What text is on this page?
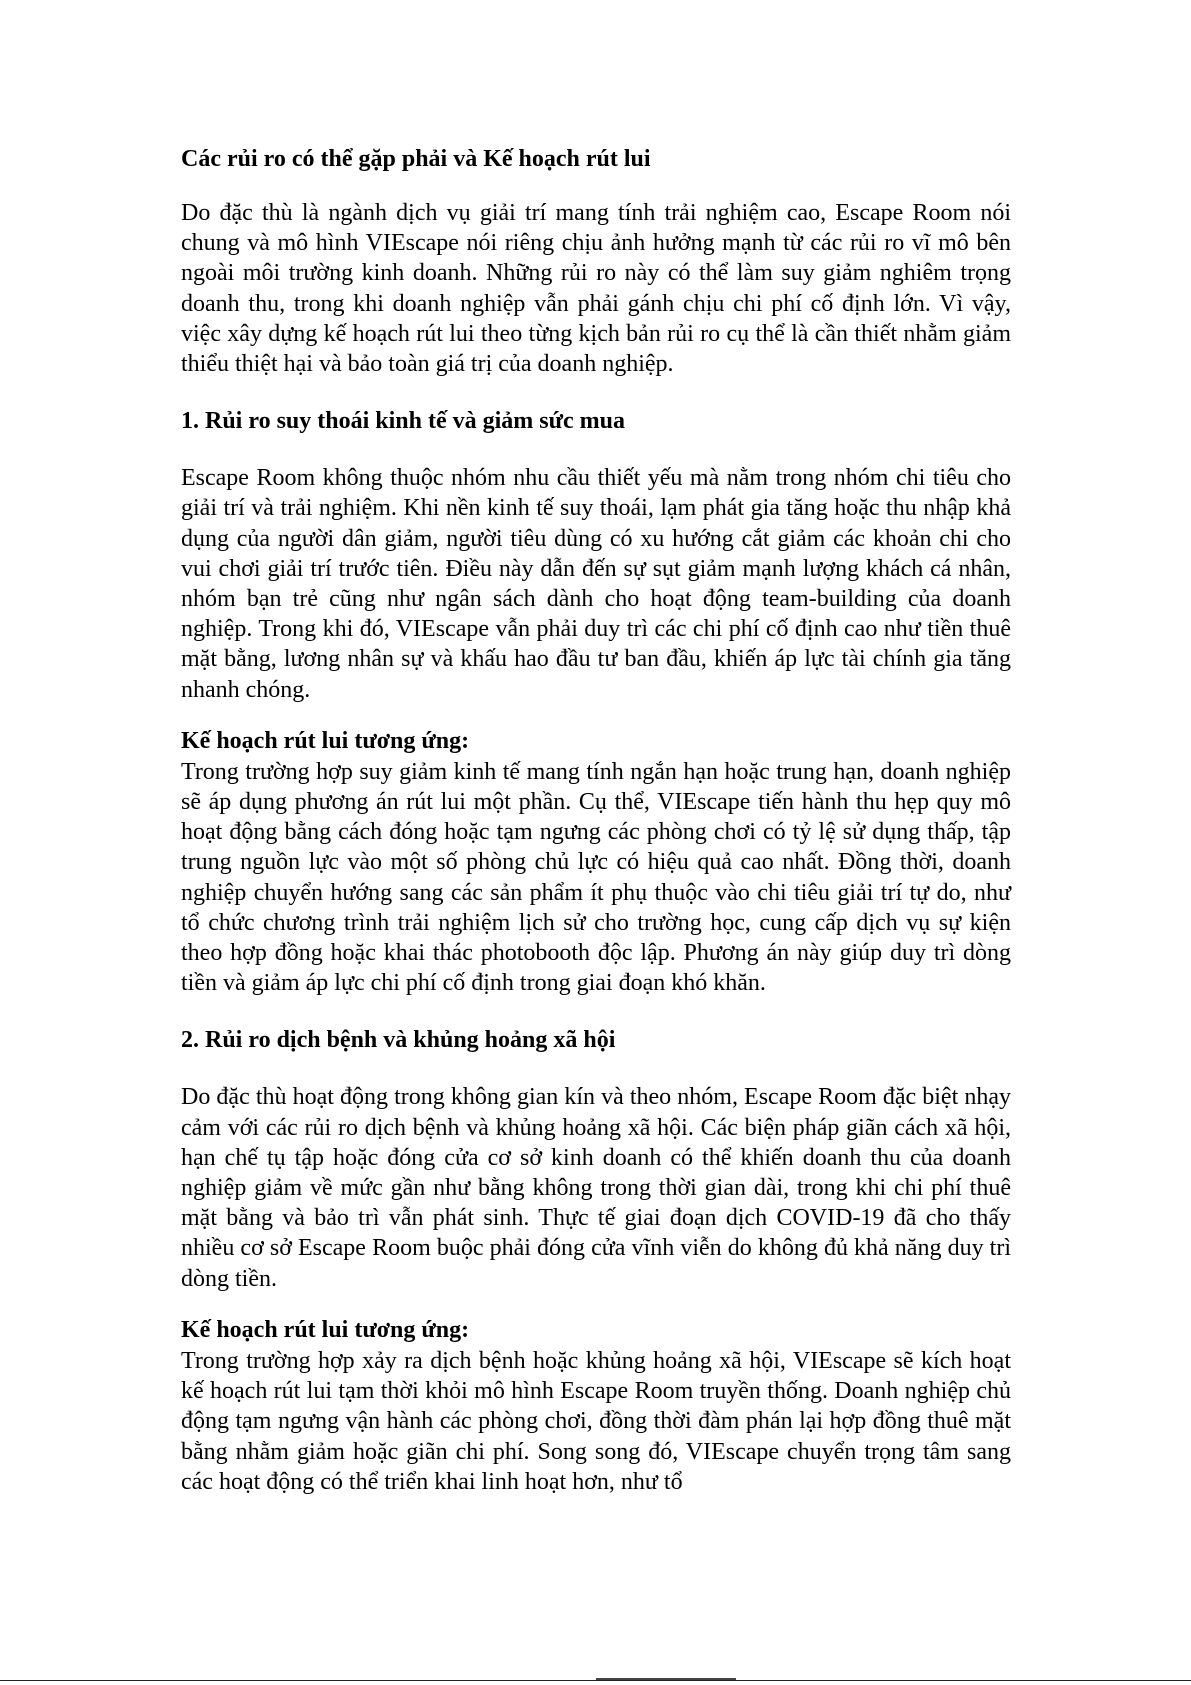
Các rủi ro có thể gặp phải và Kế hoạch rút lui

Do đặc thù là ngành dịch vụ giải trí mang tính trải nghiệm cao, Escape Room nói chung và mô hình VIEscape nói riêng chịu ảnh hưởng mạnh từ các rủi ro vĩ mô bên ngoài môi trường kinh doanh. Những rủi ro này có thể làm suy giảm nghiêm trọng doanh thu, trong khi doanh nghiệp vẫn phải gánh chịu chi phí cố định lớn. Vì vậy, việc xây dựng kế hoạch rút lui theo từng kịch bản rủi ro cụ thể là cần thiết nhằm giảm thiểu thiệt hại và bảo toàn giá trị của doanh nghiệp.

1. Rủi ro suy thoái kinh tế và giảm sức mua

Escape Room không thuộc nhóm nhu cầu thiết yếu mà nằm trong nhóm chi tiêu cho giải trí và trải nghiệm. Khi nền kinh tế suy thoái, lạm phát gia tăng hoặc thu nhập khả dụng của người dân giảm, người tiêu dùng có xu hướng cắt giảm các khoản chi cho vui chơi giải trí trước tiên. Điều này dẫn đến sự sụt giảm mạnh lượng khách cá nhân, nhóm bạn trẻ cũng như ngân sách dành cho hoạt động team-building của doanh nghiệp. Trong khi đó, VIEscape vẫn phải duy trì các chi phí cố định cao như tiền thuê mặt bằng, lương nhân sự và khấu hao đầu tư ban đầu, khiến áp lực tài chính gia tăng nhanh chóng.

Kế hoạch rút lui tương ứng:

Trong trường hợp suy giảm kinh tế mang tính ngắn hạn hoặc trung hạn, doanh nghiệp sẽ áp dụng phương án rút lui một phần. Cụ thể, VIEscape tiến hành thu hẹp quy mô hoạt động bằng cách đóng hoặc tạm ngưng các phòng chơi có tỷ lệ sử dụng thấp, tập trung nguồn lực vào một số phòng chủ lực có hiệu quả cao nhất. Đồng thời, doanh nghiệp chuyển hướng sang các sản phẩm ít phụ thuộc vào chi tiêu giải trí tự do, như tổ chức chương trình trải nghiệm lịch sử cho trường học, cung cấp dịch vụ sự kiện theo hợp đồng hoặc khai thác photobooth độc lập. Phương án này giúp duy trì dòng tiền và giảm áp lực chi phí cố định trong giai đoạn khó khăn.

2. Rủi ro dịch bệnh và khủng hoảng xã hội

Do đặc thù hoạt động trong không gian kín và theo nhóm, Escape Room đặc biệt nhạy cảm với các rủi ro dịch bệnh và khủng hoảng xã hội. Các biện pháp giãn cách xã hội, hạn chế tụ tập hoặc đóng cửa cơ sở kinh doanh có thể khiến doanh thu của doanh nghiệp giảm về mức gần như bằng không trong thời gian dài, trong khi chi phí thuê mặt bằng và bảo trì vẫn phát sinh. Thực tế giai đoạn dịch COVID-19 đã cho thấy nhiều cơ sở Escape Room buộc phải đóng cửa vĩnh viễn do không đủ khả năng duy trì dòng tiền.

Kế hoạch rút lui tương ứng:

Trong trường hợp xảy ra dịch bệnh hoặc khủng hoảng xã hội, VIEscape sẽ kích hoạt kế hoạch rút lui tạm thời khỏi mô hình Escape Room truyền thống. Doanh nghiệp chủ động tạm ngưng vận hành các phòng chơi, đồng thời đàm phán lại hợp đồng thuê mặt bằng nhằm giảm hoặc giãn chi phí. Song song đó, VIEscape chuyển trọng tâm sang các hoạt động có thể triển khai linh hoạt hơn, như tổ
